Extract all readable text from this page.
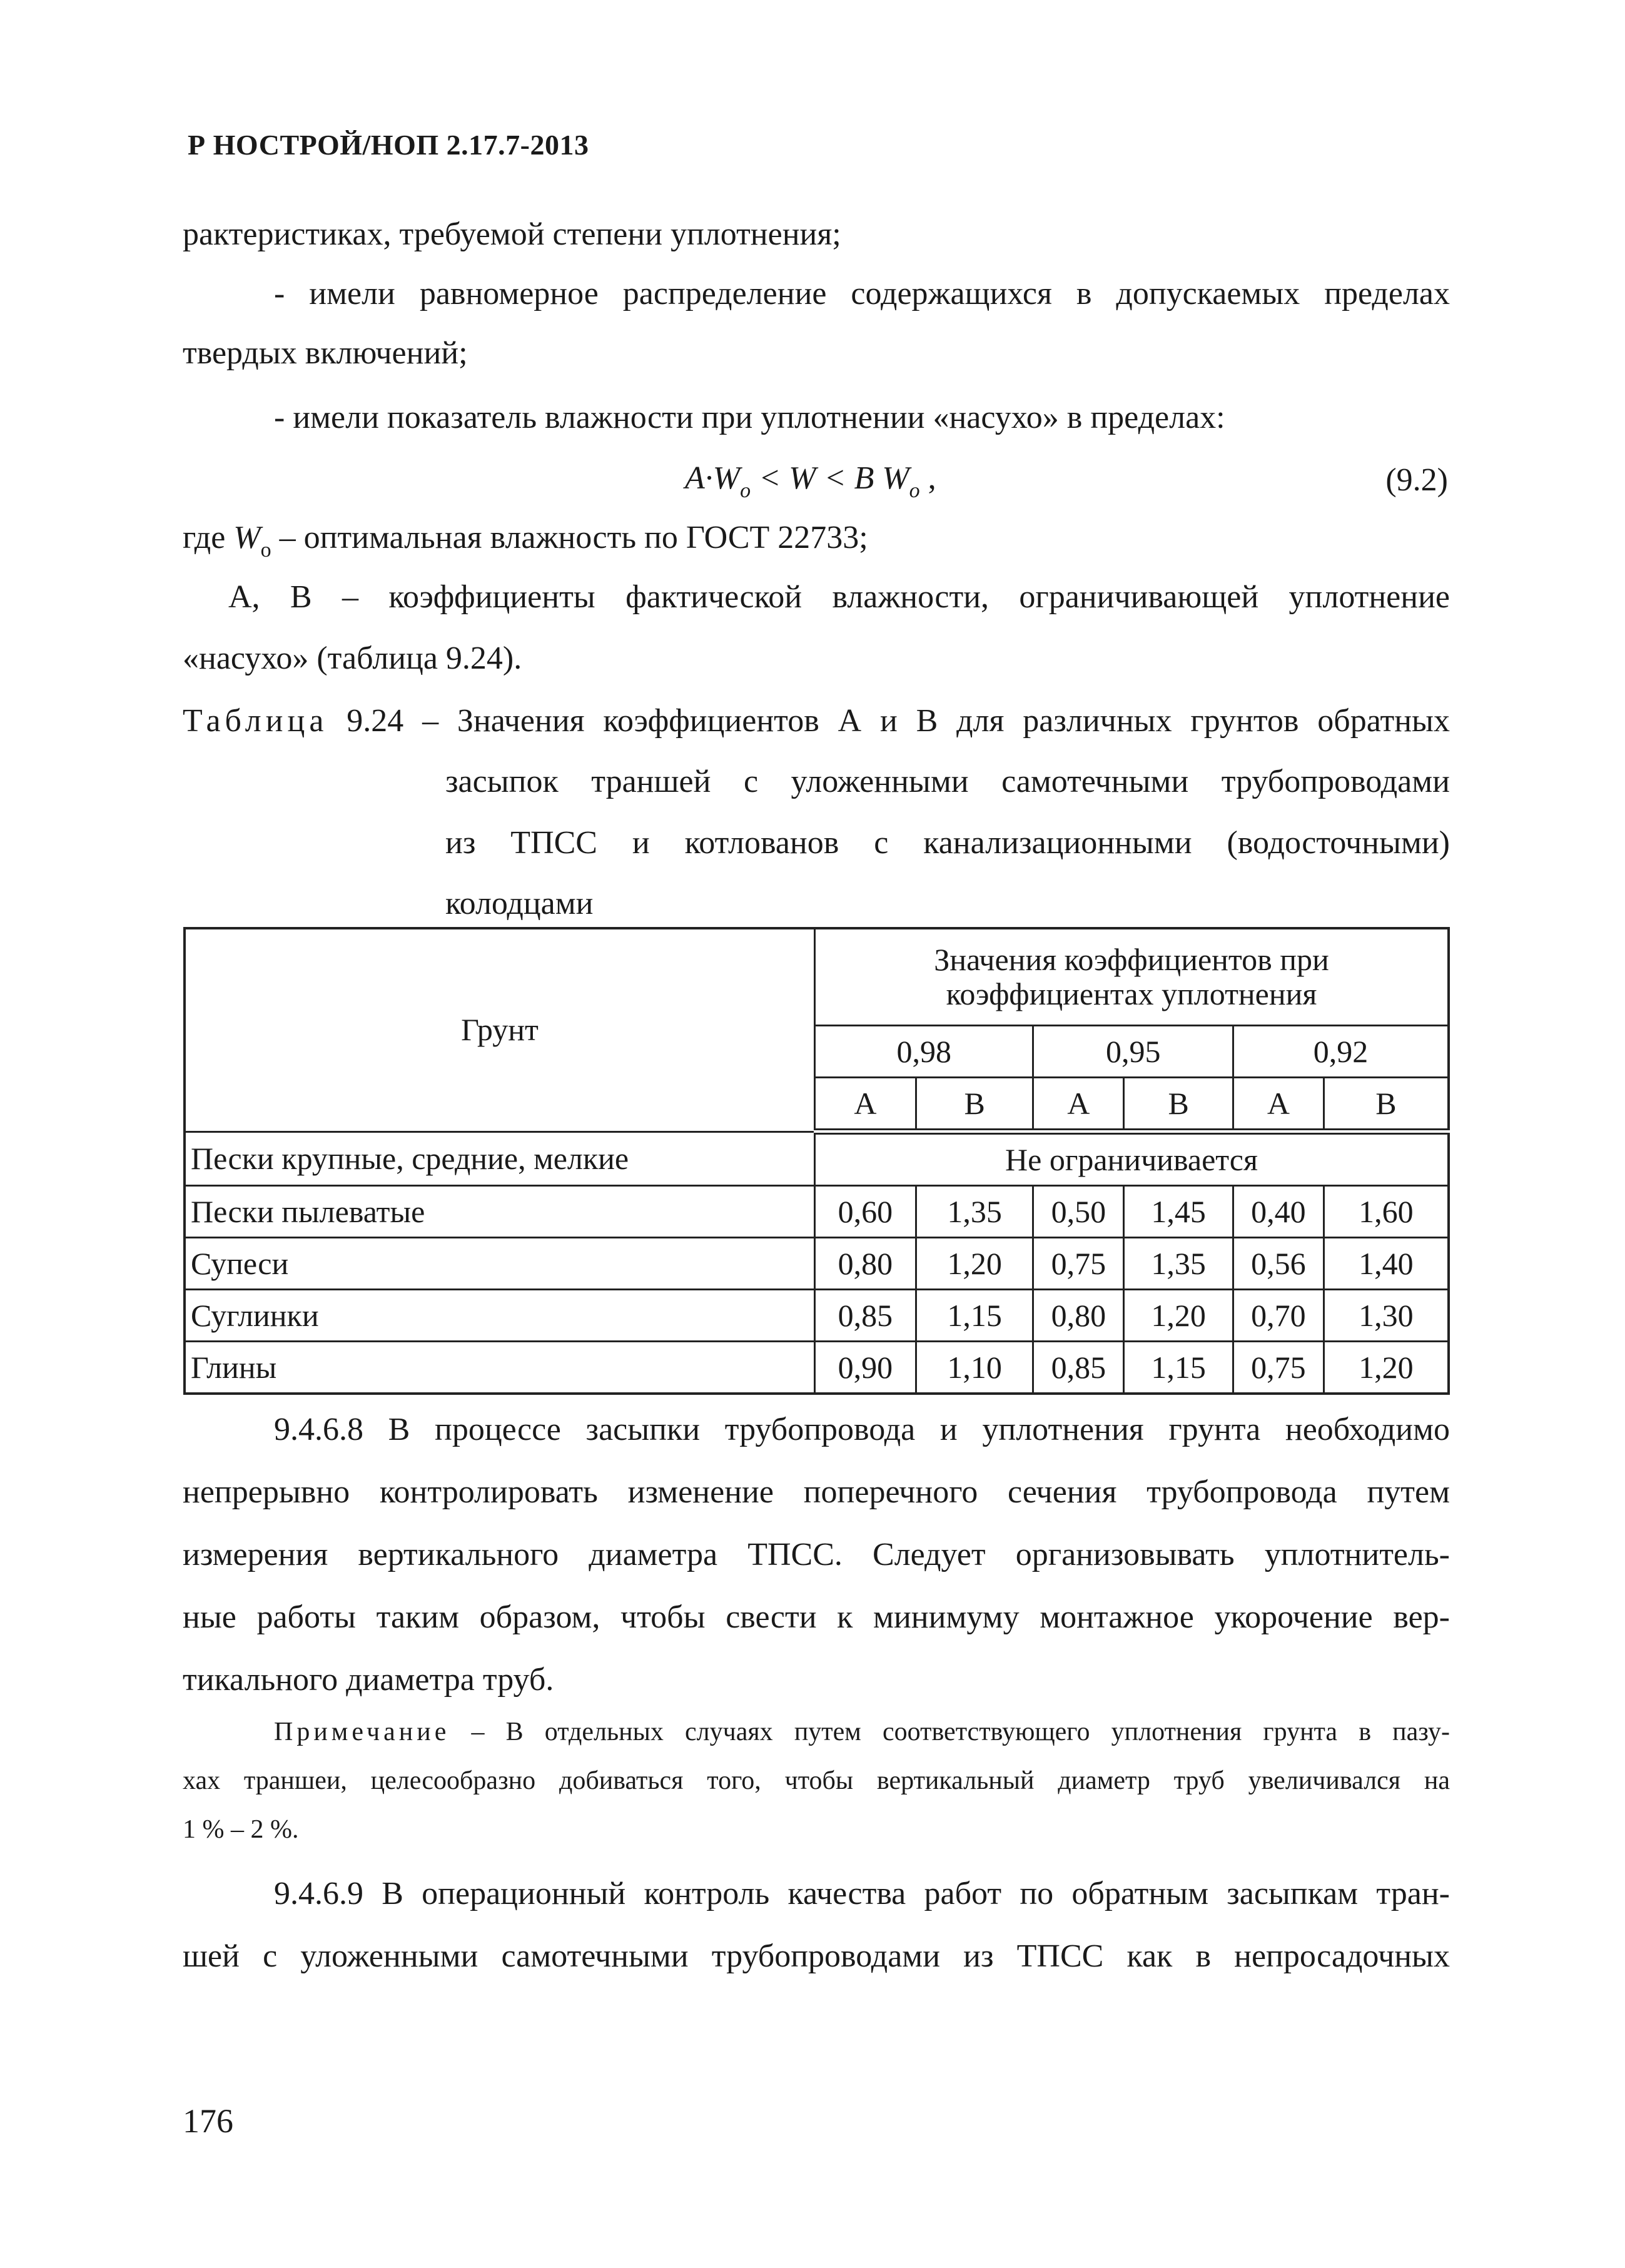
Р НОСТРОЙ/НОП 2.17.7-2013
рактеристиках, требуемой степени уплотнения;
- имели равномерное распределение содержащихся в допускаемых пределах
твердых включений;
- имели показатель влажности при уплотнении «насухо» в пределах:
$A\cdot W_o < W < B$ $W_o$ ,	(9.2)
где $W_o$ – оптимальная влажность по ГОСТ 22733;
A, B – коэффициенты фактической влажности, ограничивающей уплотнение
«насухо» (таблица 9.24).
Таблица 9.24 – Значения коэффициентов А и В для различных грунтов обратных
засыпок траншей с уложенными самотечными трубопроводами
из ТПСС и котлованов с канализационными (водосточными)
колодцами
Грунт	Значения коэффициентов при
коэффициентах уплотнения					

	0,98		0,95		0,92	
	А	В	А	В	А	В
Пески крупные, средние, мелкие	Не ограничивается					
Пески пылеватые	0,60	1,35	0,50	1,45	0,40	1,60
Супеси	0,80	1,20	0,75	1,35	0,56	1,40
Суглинки	0,85	1,15	0,80	1,20	0,70	1,30
Глины	0,90	1,10	0,85	1,15	0,75	1,20
9.4.6.8 В процессе засыпки трубопровода и уплотнения грунта необходимо
непрерывно контролировать изменение поперечного сечения трубопровода путем
измерения вертикального диаметра ТПСС. Следует организовывать уплотнитель-
ные работы таким образом, чтобы свести к минимуму монтажное укорочение вер-
тикального диаметра труб.
Примечание – В отдельных случаях путем соответствующего уплотнения грунта в пазу-
хах траншеи, целесообразно добиваться того, чтобы вертикальный диаметр труб увеличивался на
1 % – 2 %.
9.4.6.9 В операционный контроль качества работ по обратным засыпкам тран-
шей с уложенными самотечными трубопроводами из ТПСС как в непросадочных
176
